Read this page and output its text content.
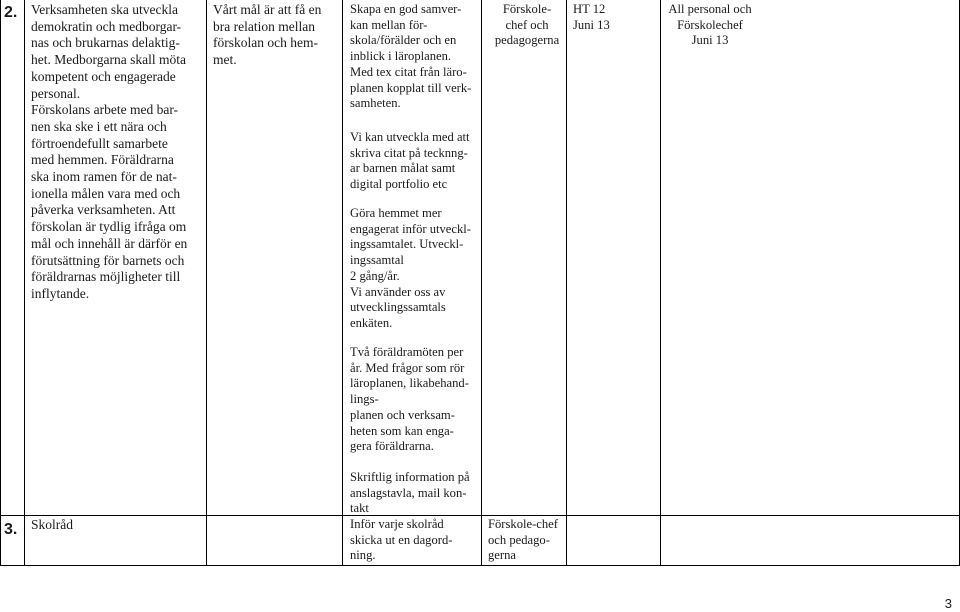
2. Verksamheten ska utveckla
demokratin och medborgar-
nas och brukarnas delaktig-
het. Medborgarna skall möta
kompetent och engagerade
personal.
Förskolans arbete med bar-
nen ska ske i ett nära och
förtroendefullt samarbete
med hemmen. Föräldrarna
ska inom ramen för de nat-
ionella målen vara med och
påverka verksamheten. Att
förskolan är tydlig ifråga om
mål och innehåll är därför en
förutsättning för barnets och
föräldrarnas möjligheter till
inflytande.
Vårt mål är att få en
bra relation mellan
förskolan och hem-
met.
Skapa en god samver-
kan mellan för-
skola/förälder och en
inblick i läroplanen.
Med tex citat från läro-
planen kopplat till verk-
samheten.
Vi kan utveckla med att
skriva citat på tecknng-
ar barnen målat samt
digital portfolio etc
Göra hemmet mer
engagerat inför utveckl-
ingssamtalet. Utveckl-
ingssamtal
2 gång/år.
Vi använder oss av
utvecklingssamtals
enkäten.
Två föräldramöten per
år. Med frågor som rör
läroplanen, likabehand-
lings-
planen och verksam-
heten som kan enga-
gera föräldrarna.
Skriftlig information på
anslagstavla, mail kon-
takt
Förskole-
chef och
pedagogerna
HT 12
Juni 13
All personal och
Förskolechef
Juni 13
3. Skolråd	Inför varje skolråd
skicka ut en dagord-
ning.
Förskole-chef
och pedago-
gerna
3
